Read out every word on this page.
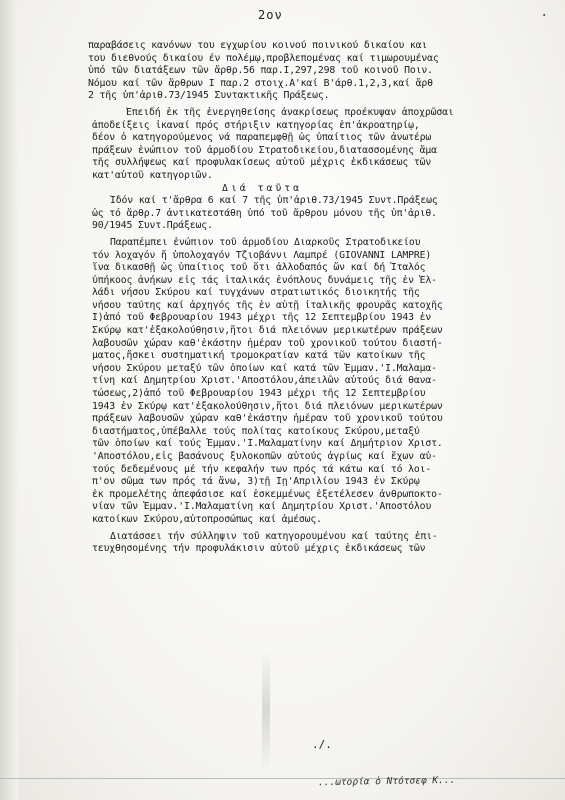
2ον	·
παραβάσεις κανόνων του εγχωρίου κοινού ποινικού δικαίου και
του διεθνούς δικαίου έν πολέμῳ,προβλεπομένας καί τιμωρουμένας
ὑπό τῶν διατάξεων τῶν ἄρθρ.56 παρ.Ι,297,298 τοῦ κοινοῦ Ποιν.
Νόμου καί τῶν ἄρθρων Ι παρ.2 στοιχ.Α'καί Β'άρθ.1,2,3,καί ἄρθ
2 τῆς ὑπ'ἀριθ.73/1945 Συντακτικῆς Πράξεως.
Ἐπειδή ἐκ τῆς ἐνεργηθείσης ἀνακρίσεως προέκυψαν ἀποχρῶσαι
ἀποδείξεις ἱκαναί πρός στήριξιν κατηγορίας ἐπ'ἀκροατηρίῳ,
δέον ὁ κατηγορούμενος νά παραπεμφθῇ ὡς ὑπαίτιος τῶν ἀνωτέρω
πράξεων ἐνώπιον τοῦ ἁρμοδίου Στρατοδικείου,διατασσομένης ἅμα
τῆς συλλήψεως καί προφυλακίσεως αὐτοῦ μέχρις ἐκδικάσεως τῶν
κατ'αὐτοῦ κατηγοριῶν.
Διά ταῦτα
Ἰδόν καί τ'ἄρθρα 6 καί 7 τῆς ὑπ'ἀριθ.73/1945 Συντ.Πράξεως
ὡς τό ἄρθρ.7 ἀντικατεστάθη ὑπό τοῦ ἄρθρου μόνου τῆς ὑπ'ἀριθ.
90/1945 Συντ.Πράξεως.
Παραπέμπει ἐνώπιον τοῦ ἁρμοδίου Διαρκοῦς Στρατοδικείου
τόν λοχαγόν ἤ ὑπολοχαγόν Τζιοβάννι Λαμπρέ (GIOVANNI LAMPRE)
ἵνα δικασθῇ ὡς ὑπαίτιος τοῦ ὅτι ἀλλοδαπός ὤν καί δή Ἰταλός
ὑπήκοος ἀνήκων εἰς τάς ἰταλικάς ἐνόπλους δυνάμεις τῆς ἐν Ἑλ-
λάδι νήσου Σκύρου καί τυγχάνων στρατιωτικός διοικητής τῆς
νήσου ταύτης καί ἀρχηγός τῆς ἐν αὐτῇ ἰταλικῆς φρουρᾶς κατοχῆς
Ι)ἀπό τοῦ Φεβρουαρίου 1943 μέχρι τῆς 12 Σεπτεμβρίου 1943 ἐν
Σκύρῳ κατ'ἐξακολούθησιν,ἤτοι διά πλειόνων μερικωτέρων πράξεων
λαβουσῶν χώραν καθ'ἑκάστην ἡμέραν τοῦ χρονικοῦ τούτου διαστή-
ματος,ἤσκει συστηματική τρομοκρατίαν κατά τῶν κατοίκων τῆς
νήσου Σκύρου μεταξύ τῶν ὁποίων καί κατά τῶν Ἐμμαν.'Ι.Μαλαμα-
τίνη καί Δημητρίου Χριστ.'Αποστόλου,ἀπειλῶν αὐτούς διά θανα-
τώσεως,2)ἀπό τοῦ Φεβρουαρίου 1943 μέχρι τῆς 12 Σεπτεμβρίου
1943 ἐν Σκύρῳ κατ'ἐξακολούθησιν,ἤτοι διά πλειόνων μερικωτέρων
πράξεων λαβουσῶν χώραν καθ'ἑκάστην ἡμέραν τοῦ χρονικοῦ τούτου
διαστήματος,ὑπέβαλλε τούς πολίτας κατοίκους Σκύρου,μεταξύ
τῶν ὁποίων καί τούς Ἐμμαν.'Ι.Μαλαματίνην καί Δημήτριον Χριστ.
'Αποστόλου,εἰς βασάνους ξυλοκοπῶν αὐτούς ἀγρίως καί ἔχων αὐ-
τούς δεδεμένους μέ τήν κεφαλήν των πρός τά κάτω καί τό λοι-
π'ον σῶμα των πρός τά ἄνω, 3)τῇ Ιῃ'Απριλίου 1943 ἐν Σκύρῳ
ἐκ προμελέτης ἀπεφάσισε καί ἐσκεμμένως ἐξετέλεσεν ἀνθρωποκτο-
νίαν τῶν Ἐμμαν.'Ι.Μαλαματίνη καί Δημητρίου Χριστ.'Αποστόλου
κατοίκων Σκύρου,αὐτοπροσώπως καί ἀμέσως.
Διατάσσει τήν σύλληψιν τοῦ κατηγορουμένου καί ταύτης ἐπι-
τευχθησομένης τήν προφυλάκισιν αὐτοῦ μέχρις ἐκδικάσεως τῶν
./.
...ωτορία ὁ Ντότσεφ Κ...
